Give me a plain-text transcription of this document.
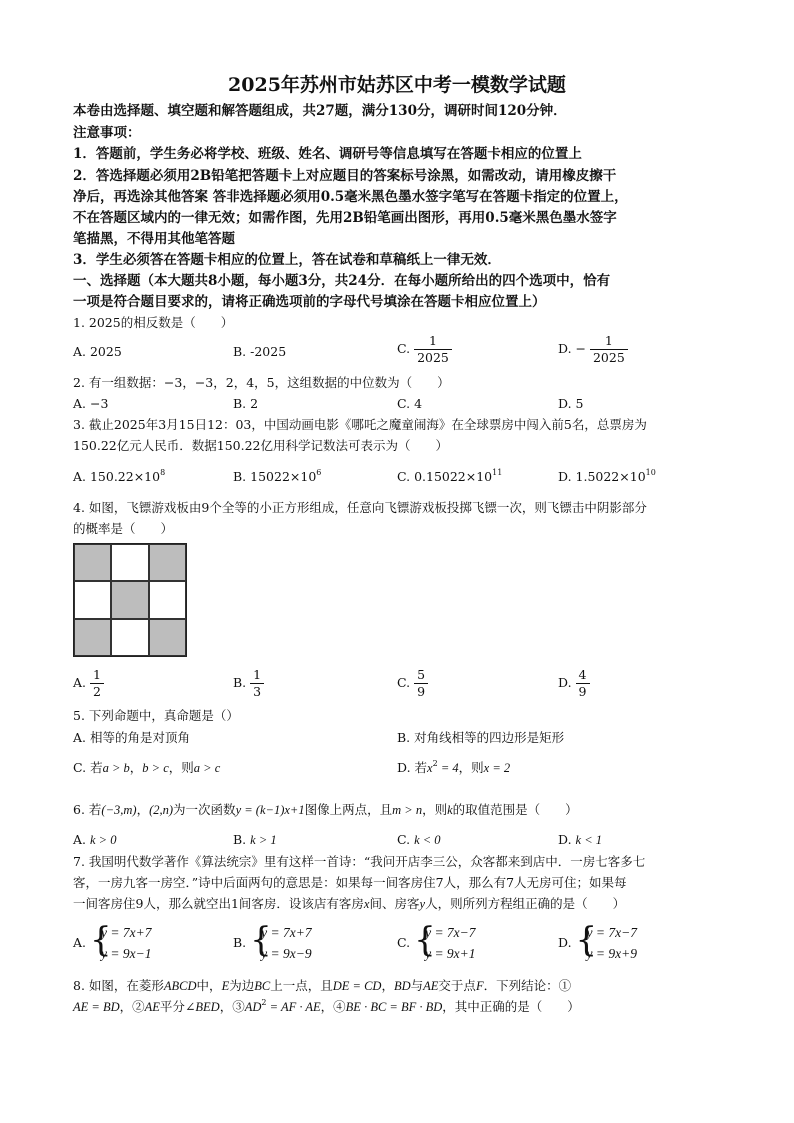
2025年苏州市姑苏区中考一模数学试题
本卷由选择题、填空题和解答题组成，共27题，满分130分，调研时间120分钟．
注意事项：
1．答题前，学生务必将学校、班级、姓名、调研号等信息填写在答题卡相应的位置上
2．答选择题必须用2B铅笔把答题卡上对应题目的答案标号涂黑，如需改动，请用橡皮擦干
净后，再选涂其他答案 答非选择题必须用0.5毫米黑色墨水签字笔写在答题卡指定的位置上，
不在答题区域内的一律无效；如需作图，先用2B铅笔画出图形，再用0.5毫米黑色墨水签字
笔描黑，不得用其他笔答题
3．学生必须答在答题卡相应的位置上，答在试卷和草稿纸上一律无效．
一、选择题（本大题共8小题，每小题3分，共24分．在每小题所给出的四个选项中，恰有
一项是符合题目要求的，请将正确选项前的字母代号填涂在答题卡相应位置上）
1. 2025的相反数是（　　）
A. 2025	B. -2025	C. $\frac{1}{2025}$	D. − $\frac{1}{2025}$
2. 有一组数据：−3，−3，2，4，5，这组数据的中位数为（　　）
A. −3	B. 2	C. 4	D. 5
3. 截止2025年3月15日12：03，中国动画电影《哪吒之魔童闹海》在全球票房中闯入前5名，总票房为
150.22亿元人民币．数据150.22亿用科学记数法可表示为（　　）
A. $150.22\times 10^8$	B. $15022\times 10^6$	C. $0.15022\times 10^{11}$	D. $1.5022\times 10^{10}$
4. 如图，飞镖游戏板由9个全等的小正方形组成，任意向飞镖游戏板投掷飞镖一次，则飞镖击中阴影部分
的概率是（　　）
A. $\frac{1}{2}$	B. $\frac{1}{3}$	C. $\frac{5}{9}$	D. $\frac{4}{9}$
5. 下列命题中，真命题是（）
A. 相等的角是对顶角	B. 对角线相等的四边形是矩形
C. 若a > b，b > c，则a > c	D. 若$x^2 = 4$，则x = 2
6. 若(−3,m)，(2,n)为一次函数y = (k−1)x+1图像上两点，且m > n，则k的取值范围是（　　）
A. k > 0	B. k > 1	C. k < 0	D. k < 1
7. 我国明代数学著作《算法统宗》里有这样一首诗：“我问开店李三公，众客都来到店中．一房七客多七
客，一房九客一房空．”诗中后面两句的意思是：如果每一间客房住7人，那么有7人无房可住；如果每
一间客房住9人，那么就空出1间客房．设该店有客房x间、房客y人，则所列方程组正确的是（　　）
A. {
y = 7x+7
y = 9x−1
B. {
y = 7x+7
y = 9x−9
C. {
y = 7x−7
y = 9x+1
D. {
y = 7x−7
y = 9x+9
8. 如图，在菱形ABCD中，E为边BC上一点，且DE = CD，BD与AE交于点F．下列结论：①
AE = BD，②AE平分∠BED，$③AD^2$ = AF · AE，④BE · BC = BF · BD，其中正确的是（　　）
